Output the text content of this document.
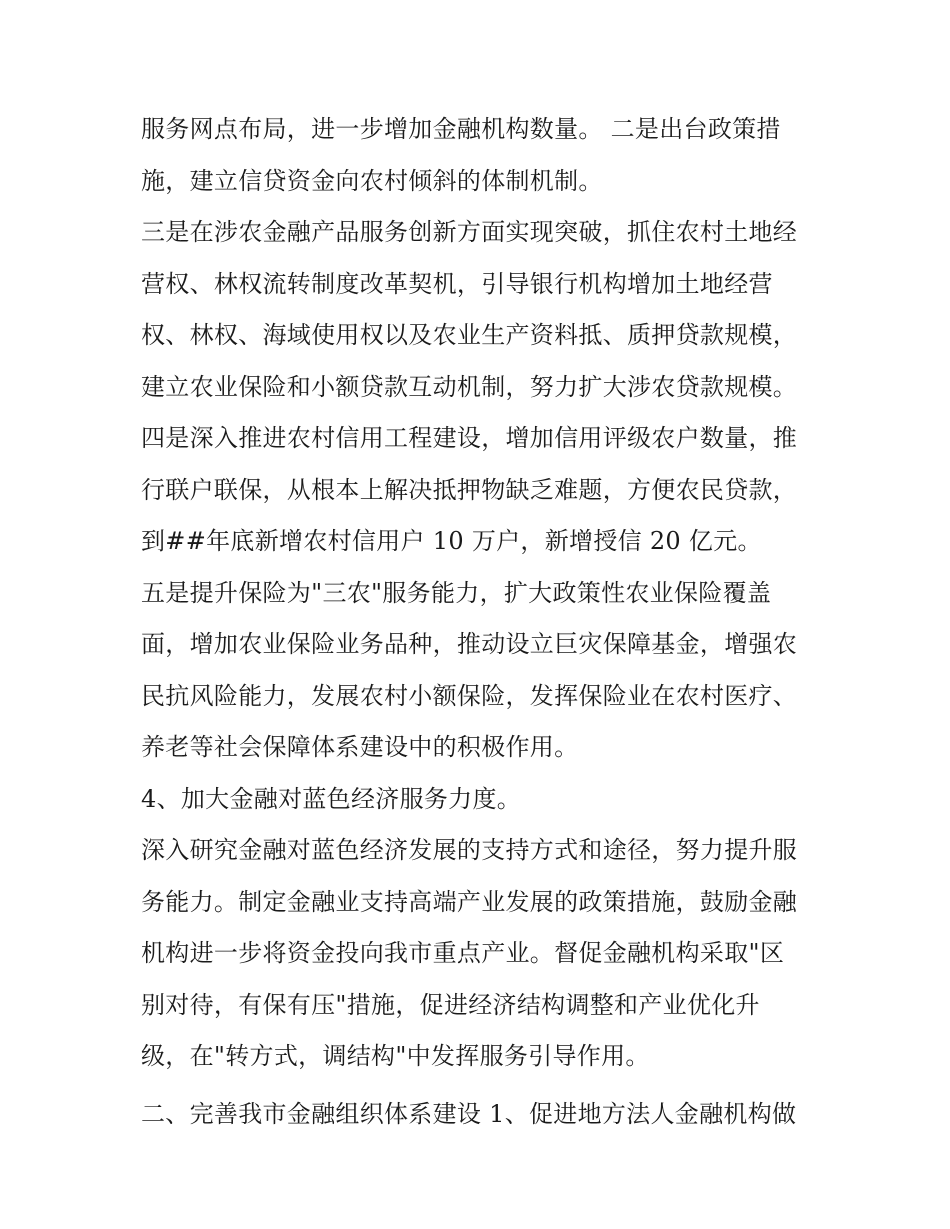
服务网点布局，进一步增加金融机构数量。 二是出台政策措
施，建立信贷资金向农村倾斜的体制机制。
三是在涉农金融产品服务创新方面实现突破，抓住农村土地经
营权、林权流转制度改革契机，引导银行机构增加土地经营
权、林权、海域使用权以及农业生产资料抵、质押贷款规模，
建立农业保险和小额贷款互动机制，努力扩大涉农贷款规模。
四是深入推进农村信用工程建设，增加信用评级农户数量，推
行联户联保，从根本上解决抵押物缺乏难题，方便农民贷款，
到##年底新增农村信用户 10 万户，新增授信 20 亿元。
五是提升保险为"三农"服务能力，扩大政策性农业保险覆盖
面，增加农业保险业务品种，推动设立巨灾保障基金，增强农
民抗风险能力，发展农村小额保险，发挥保险业在农村医疗、
养老等社会保障体系建设中的积极作用。
4、加大金融对蓝色经济服务力度。
深入研究金融对蓝色经济发展的支持方式和途径，努力提升服
务能力。制定金融业支持高端产业发展的政策措施，鼓励金融
机构进一步将资金投向我市重点产业。督促金融机构采取"区
别对待，有保有压"措施，促进经济结构调整和产业优化升
级，在"转方式，调结构"中发挥服务引导作用。
二、完善我市金融组织体系建设 1、促进地方法人金融机构做
